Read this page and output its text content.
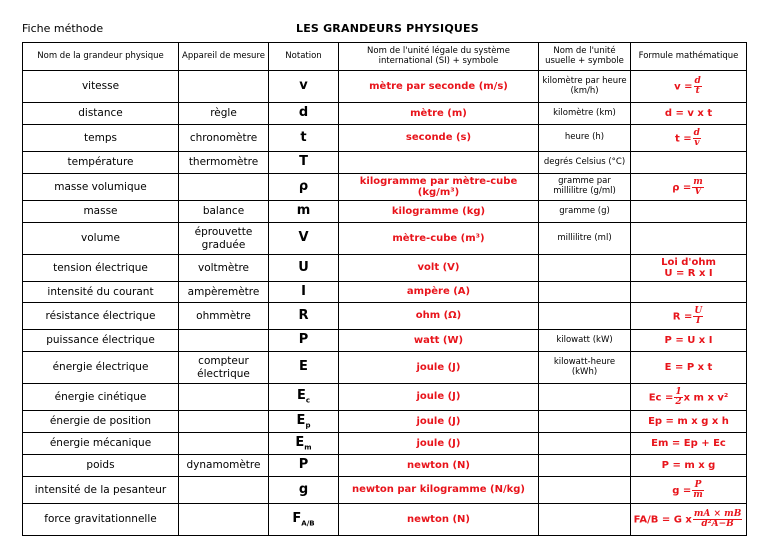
Fiche méthode	LES GRANDEURS PHYSIQUES
Nom de la grandeur physique	Appareil de mesure	Notation	Nom de l'unité légale du système international (SI) + symbole	Nom de l'unité usuelle + symbole	Formule mathématique
vitesse		v	mètre par seconde (m/s)	kilomètre par heure (km/h)	$v = \frac{d}{t}$

distance	règle	d	mètre (m)	kilomètre (km)	d = v x t

temps	chronomètre	t	seconde (s)	heure (h)	$t = \frac{d}{v}$

température	thermomètre	T		degrés Celsius (°C)	

masse volumique		ρ	kilogramme par mètre-cube (kg/m³)	gramme par millilitre (g/ml)	$\rho = \frac{m}{V}$

masse	balance	m	kilogramme (kg)	gramme (g)	

volume	éprouvette graduée	V	mètre-cube (m³)	millilitre (ml)	

tension électrique	voltmètre	U	volt (V)		Loi d'ohm
U = R x I

intensité du courant	ampèremètre	I	ampère (A)		

résistance électrique	ohmmètre	R	ohm (Ω)		$R = \frac{U}{I}$

puissance électrique		P	watt (W)	kilowatt (kW)	P = U x I

énergie électrique	compteur électrique	E	joule (J)	kilowatt-heure (kWh)	E = P x t

énergie cinétique		$E_c$	joule (J)		$Ec = \frac{1}{2}$ x m x v²
énergie de position		$E_p$	joule (J)		Ep = m x g x h

énergie mécanique		$E_m$	joule (J)		Em = Ep + Ec

poids	dynamomètre	P	newton (N)		P = m x g

intensité de la pesanteur		g	newton par kilogramme (N/kg)		$g = \frac{P}{m}$

force gravitationnelle		$F_{A/B}$	newton (N)		FA/B = G x $\frac{mA \times mB}{\text{d²A−B}}$
